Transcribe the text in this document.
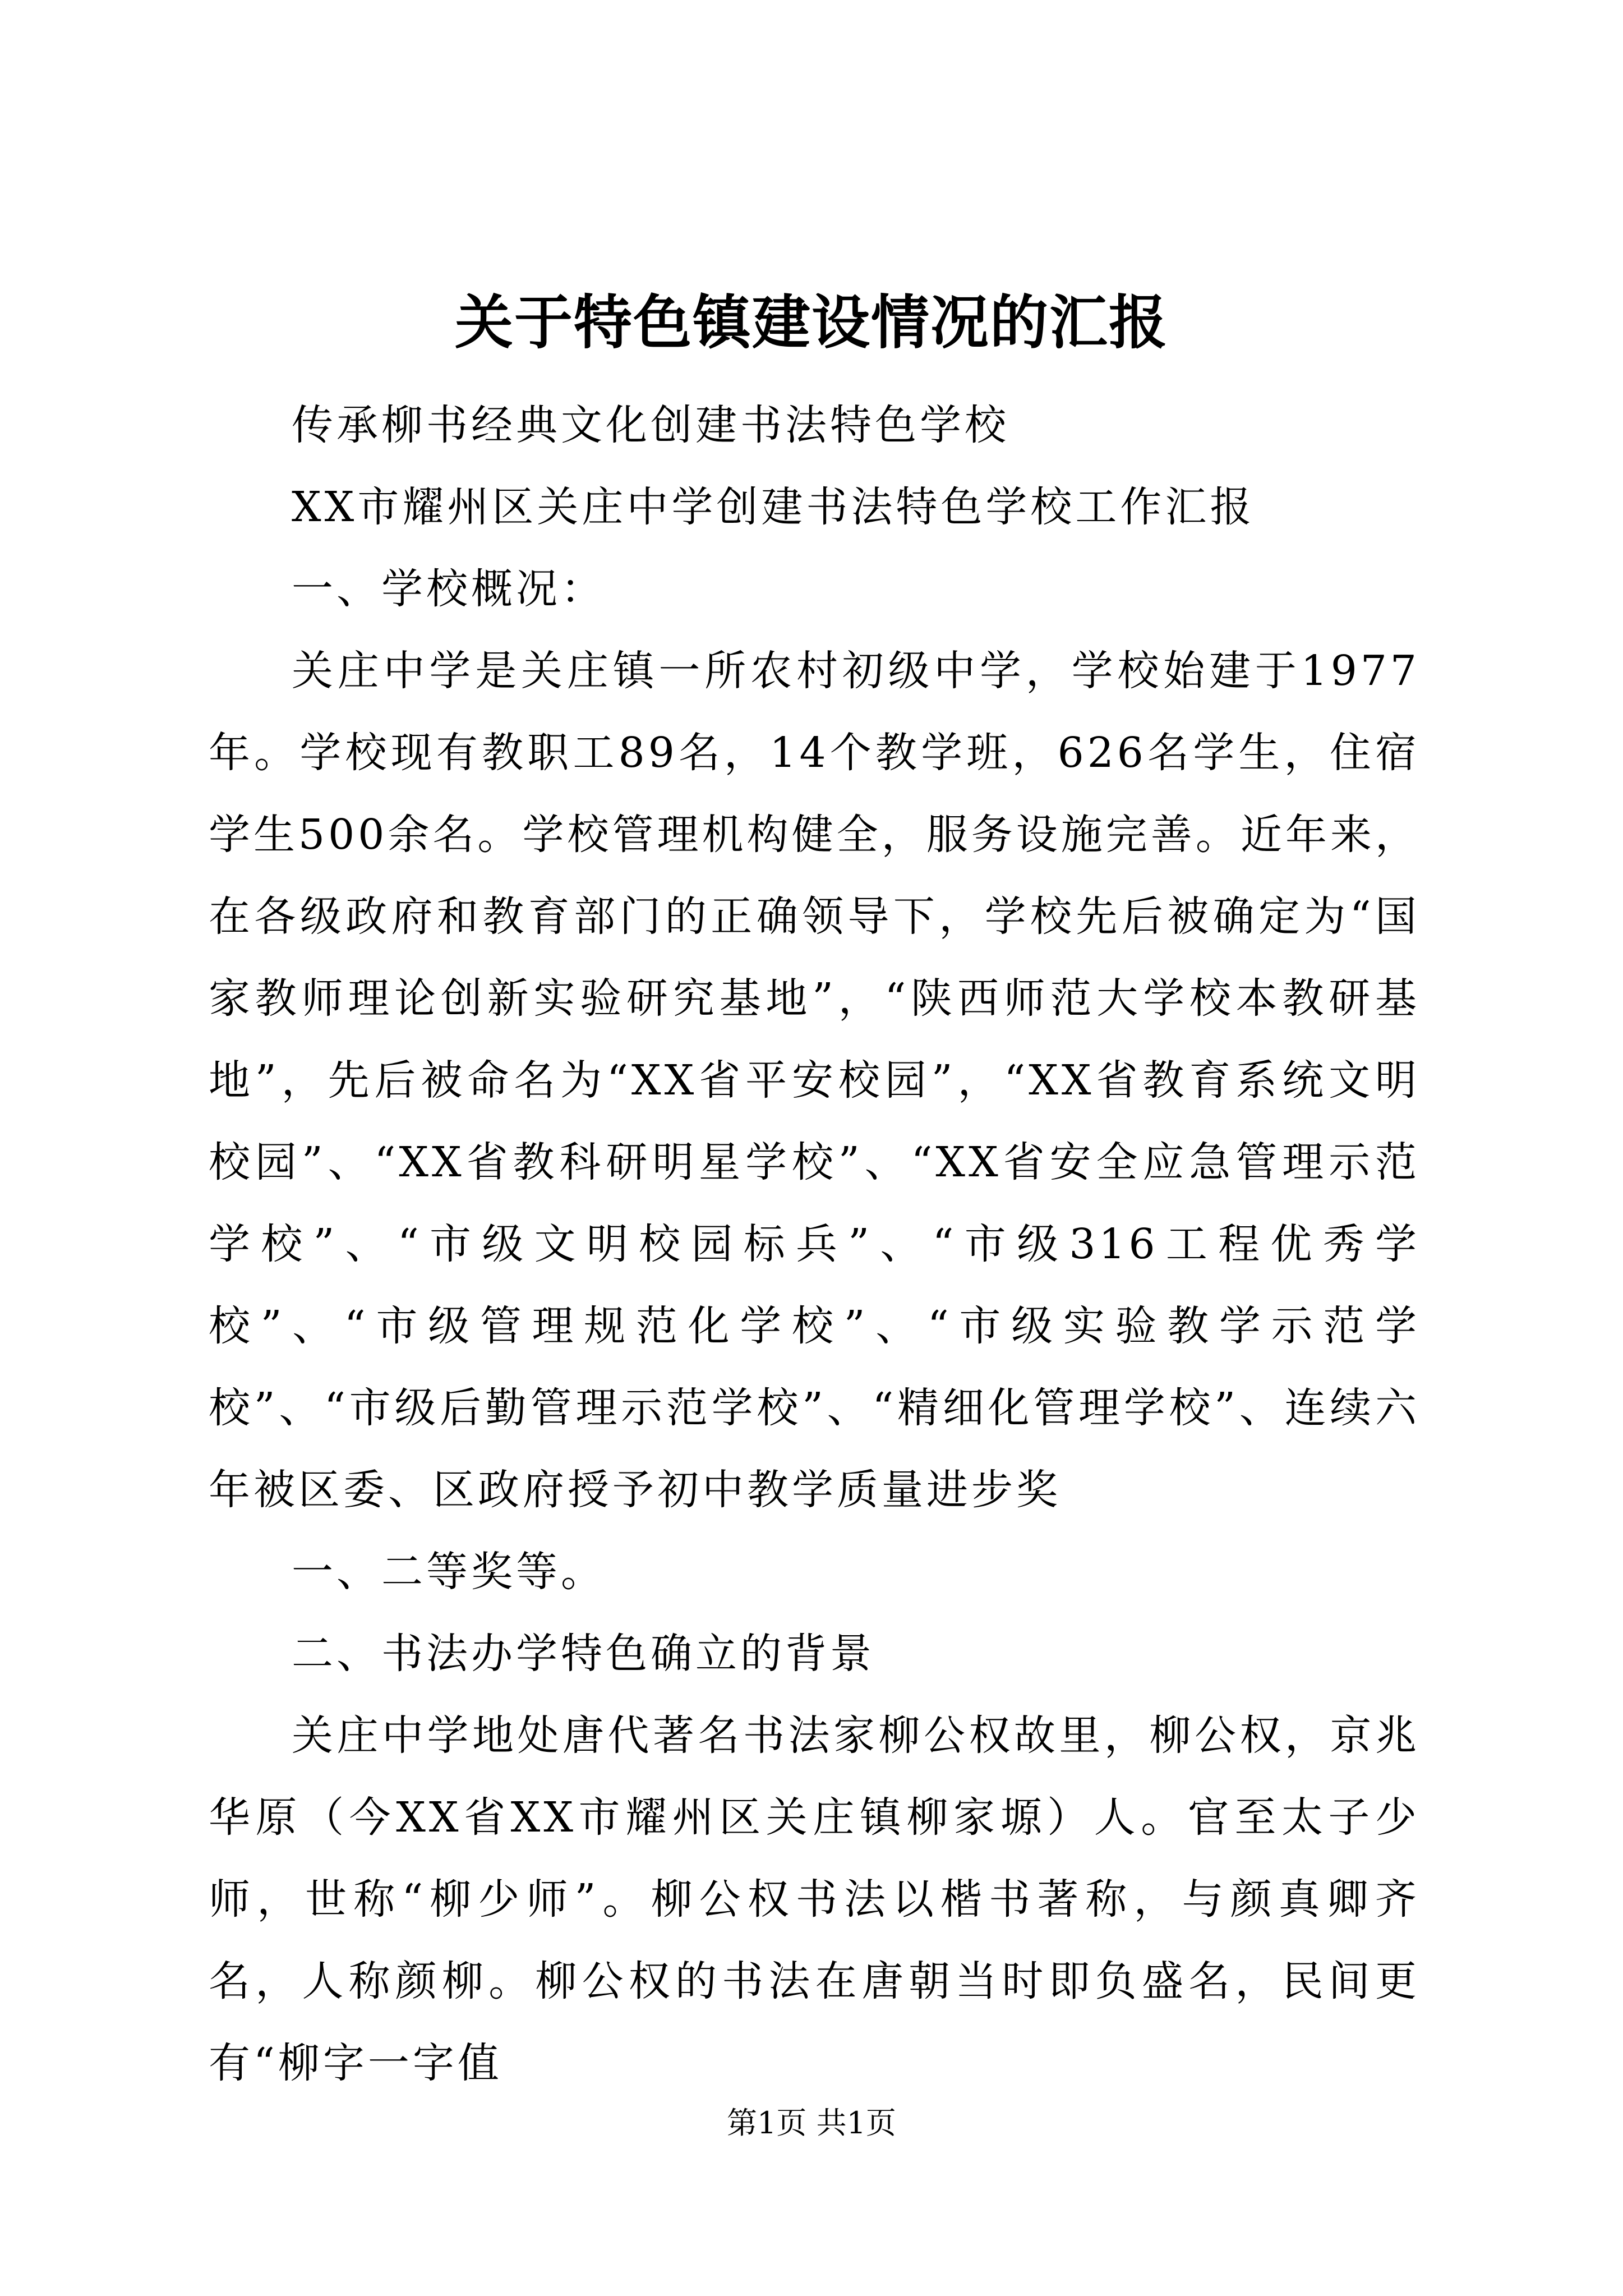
关于特色镇建设情况的汇报

传承柳书经典文化创建书法特色学校

XX市耀州区关庄中学创建书法特色学校工作汇报

一、学校概况：

关庄中学是关庄镇一所农村初级中学，学校始建于1977年。学校现有教职工89名，14个教学班，626名学生，住宿学生500余名。学校管理机构健全，服务设施完善。近年来，在各级政府和教育部门的正确领导下，学校先后被确定为“国家教师理论创新实验研究基地”，“陕西师范大学校本教研基地”，先后被命名为“XX省平安校园”，“XX省教育系统文明校园”、“XX省教科研明星学校”、“XX省安全应急管理示范学校”、“市级文明校园标兵”、“市级316工程优秀学校”、“市级管理规范化学校”、“市级实验教学示范学校”、“市级后勤管理示范学校”、“精细化管理学校”、连续六年被区委、区政府授予初中教学质量进步奖

一、二等奖等。

二、书法办学特色确立的背景

关庄中学地处唐代著名书法家柳公权故里，柳公权，京兆华原（今XX省XX市耀州区关庄镇柳家塬）人。官至太子少师，世称“柳少师”。柳公权书法以楷书著称，与颜真卿齐名，人称颜柳。柳公权的书法在唐朝当时即负盛名，民间更有“柳字一字值

第1页 共1页
